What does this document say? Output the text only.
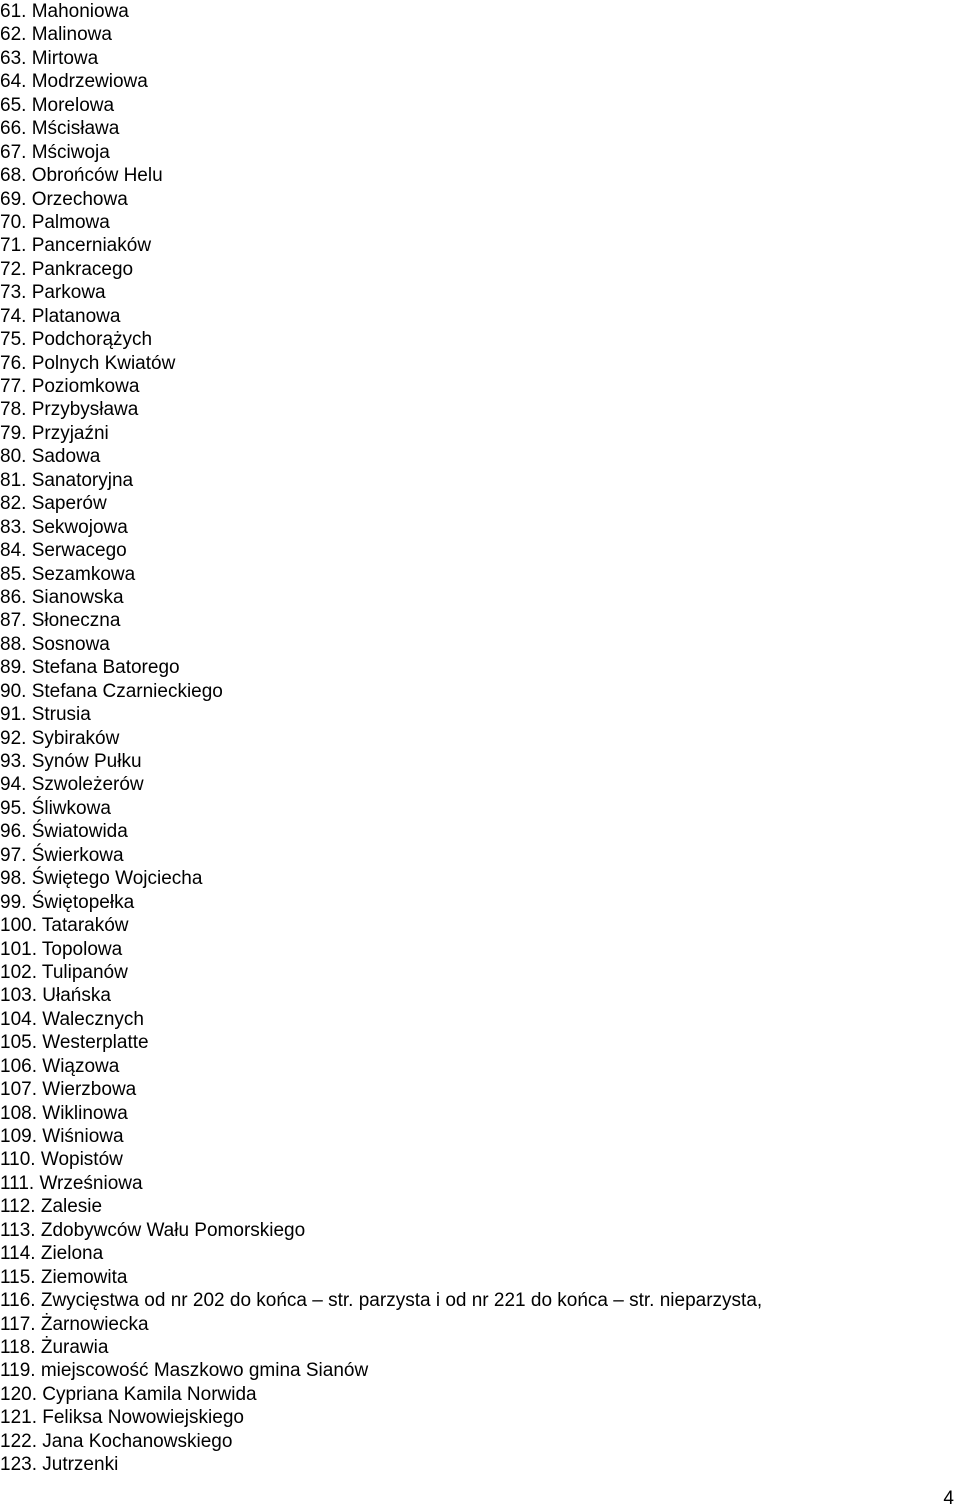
61. Mahoniowa
62. Malinowa
63. Mirtowa
64. Modrzewiowa
65. Morelowa
66. Mścisława
67. Mściwoja
68. Obrońców Helu
69. Orzechowa
70. Palmowa
71. Pancerniaków
72. Pankracego
73. Parkowa
74. Platanowa
75. Podchorążych
76. Polnych Kwiatów
77. Poziomkowa
78. Przybysława
79. Przyjaźni
80. Sadowa
81. Sanatoryjna
82. Saperów
83. Sekwojowa
84. Serwacego
85. Sezamkowa
86. Sianowska
87. Słoneczna
88. Sosnowa
89. Stefana Batorego
90. Stefana Czarnieckiego
91. Strusia
92. Sybiraków
93. Synów Pułku
94. Szwoleżerów
95. Śliwkowa
96. Światowida
97. Świerkowa
98. Świętego Wojciecha
99. Świętopełka
100. Tataraków
101. Topolowa
102. Tulipanów
103. Ułańska
104. Walecznych
105. Westerplatte
106. Wiązowa
107. Wierzbowa
108. Wiklinowa
109. Wiśniowa
110. Wopistów
111. Wrześniowa
112. Zalesie
113. Zdobywców Wału Pomorskiego
114. Zielona
115. Ziemowita
116. Zwycięstwa od nr 202 do końca – str. parzysta i od nr 221 do końca – str. nieparzysta,
117. Żarnowiecka
118. Żurawia
119. miejscowość Maszkowo gmina Sianów
120. Cypriana Kamila Norwida
121. Feliksa Nowowiejskiego
122. Jana Kochanowskiego
123. Jutrzenki
4
